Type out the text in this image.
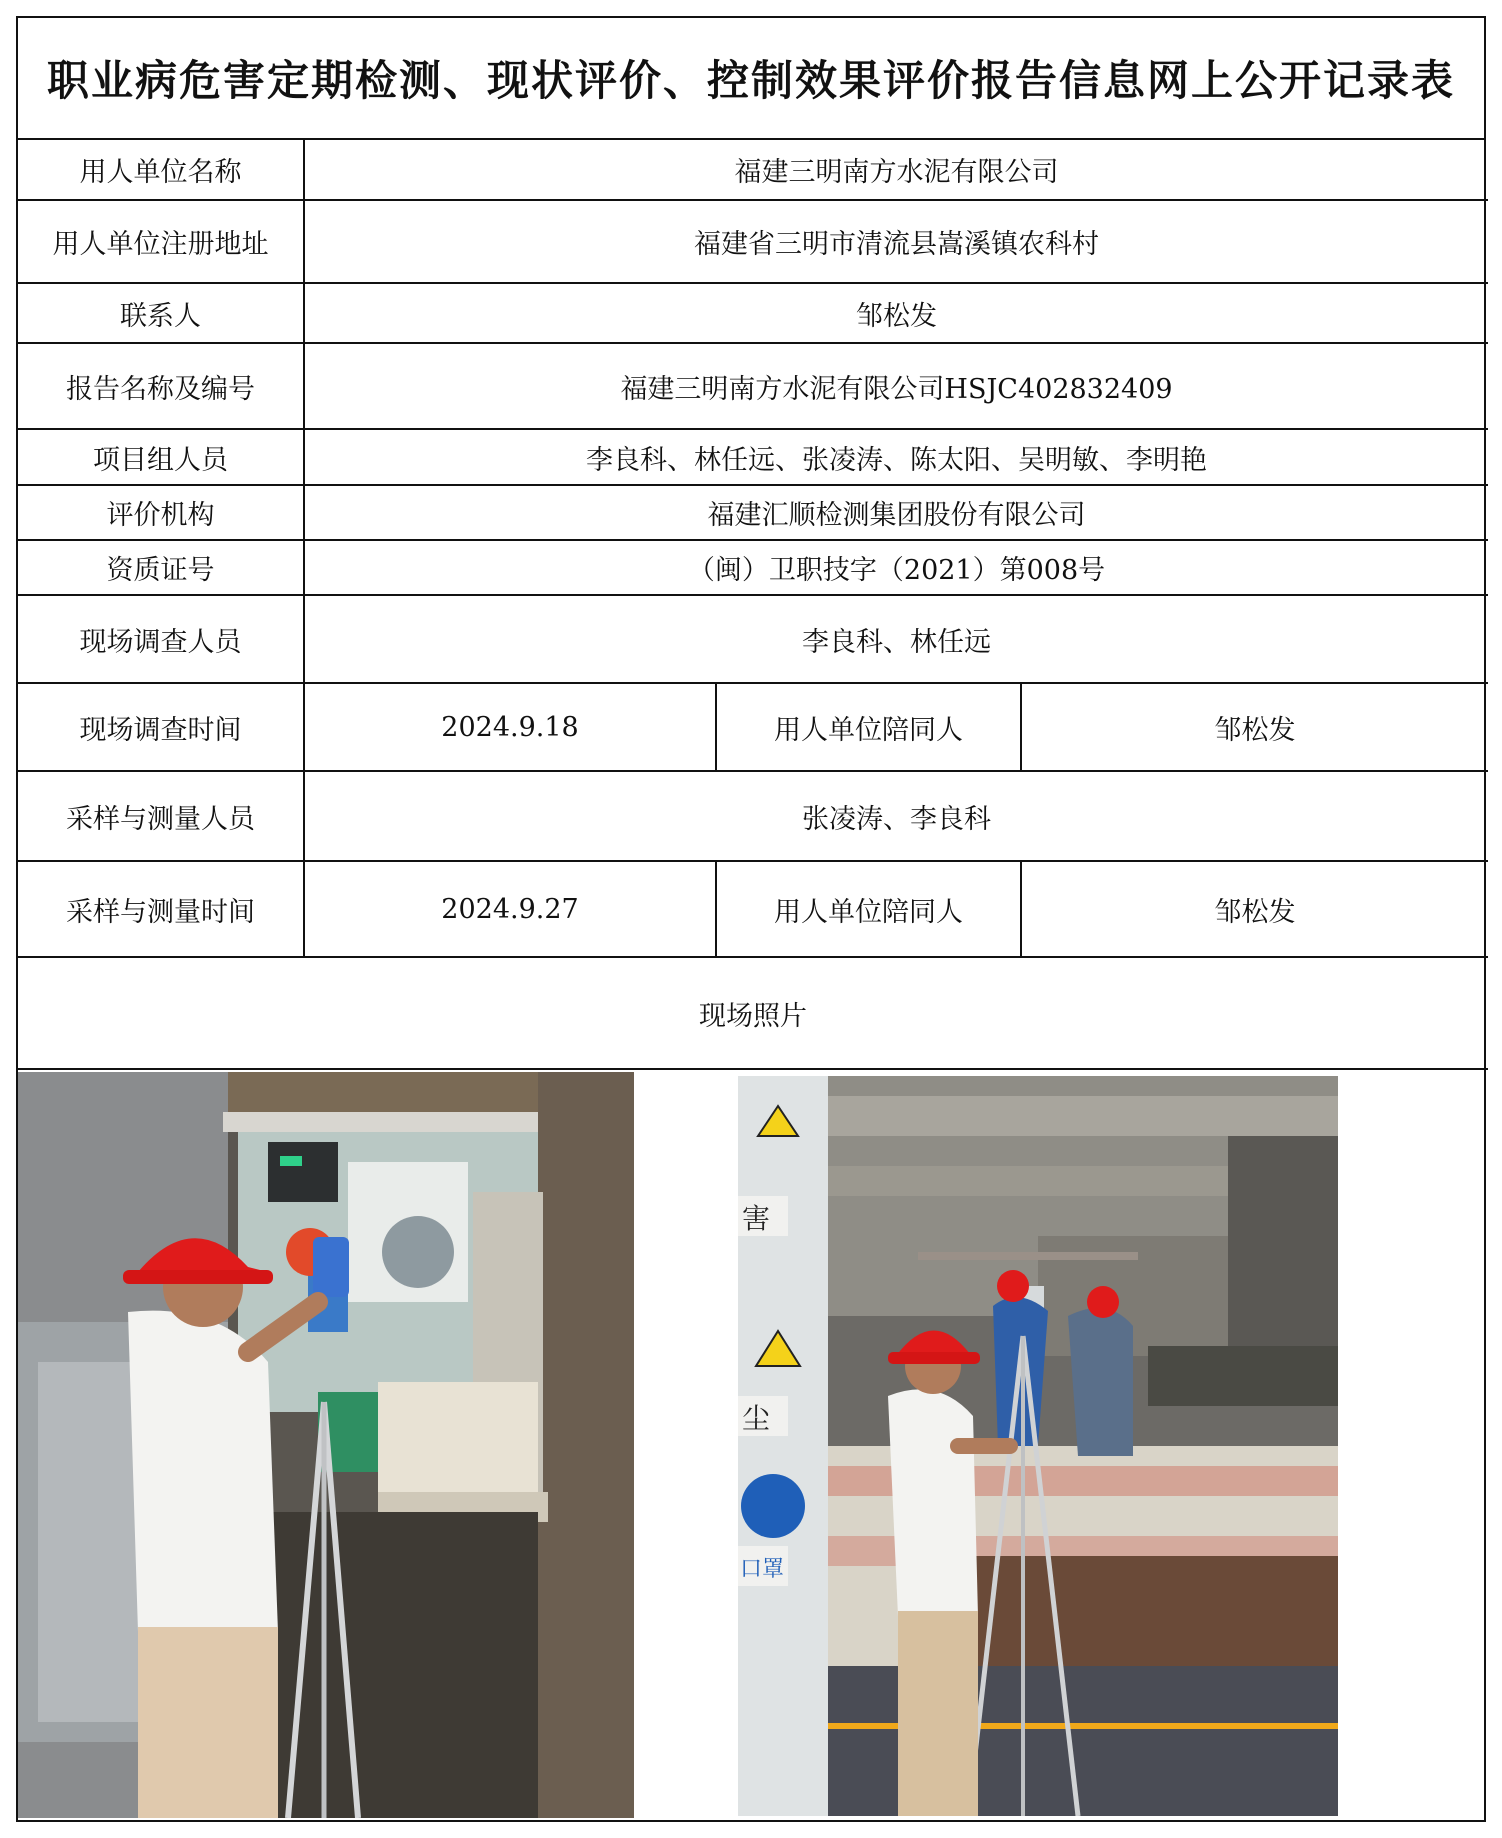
职业病危害定期检测、现状评价、控制效果评价报告信息网上公开记录表
用人单位名称	福建三明南方水泥有限公司		
用人单位注册地址	福建省三明市清流县嵩溪镇农科村		
联系人	邹松发		
报告名称及编号	福建三明南方水泥有限公司HSJC402832409		
项目组人员	李良科、林任远、张凌涛、陈太阳、吴明敏、李明艳		
评价机构	福建汇顺检测集团股份有限公司		
资质证号	（闽）卫职技字（2021）第008号		
现场调查人员	李良科、林任远		
现场调查时间	2024.9.18	用人单位陪同人	邹松发
采样与测量人员	张凌涛、李良科		
采样与测量时间	2024.9.27	用人单位陪同人	邹松发
现场照片			
害
尘
口罩
